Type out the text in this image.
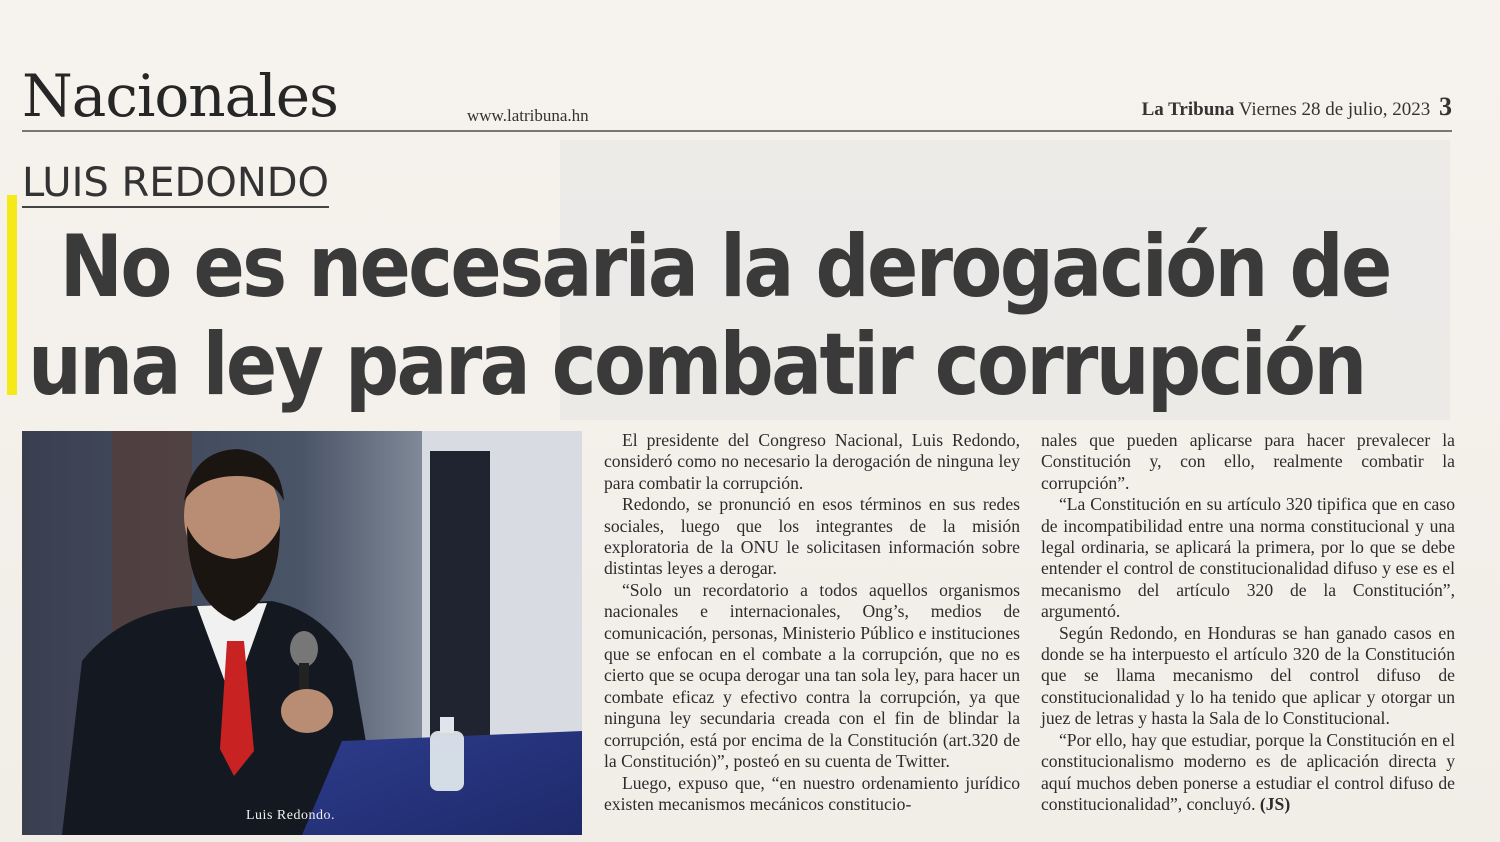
Nacionales	www.latribuna.hn	La Tribuna Viernes 28 de julio, 2023 3
LUIS REDONDO
No es necesaria la derogación de
una ley para combatir corrupción
Luis Redondo.

El presidente del Congreso Nacional, Luis Redondo, consideró como no necesario la derogación de ninguna ley para combatir la corrupción.

Redondo, se pronunció en esos términos en sus redes sociales, luego que los integrantes de la misión exploratoria de la ONU le solicitasen información sobre distintas leyes a derogar.

“Solo un recordatorio a todos aquellos organismos nacionales e internacionales, Ong’s, medios de comunicación, personas, Ministerio Público e instituciones que se enfocan en el combate a la corrupción, que no es cierto que se ocupa derogar una tan sola ley, para hacer un combate eficaz y efectivo contra la corrupción, ya que ninguna ley secundaria creada con el fin de blindar la corrupción, está por encima de la Constitución (art.320 de la Constitución)”, posteó en su cuenta de Twitter.

Luego, expuso que, “en nuestro ordenamiento jurídico existen mecanismos mecánicos constitucio-

nales que pueden aplicarse para hacer prevalecer la Constitución y, con ello, realmente combatir la corrupción”.

“La Constitución en su artículo 320 tipifica que en caso de incompatibilidad entre una norma constitucional y una legal ordinaria, se aplicará la primera, por lo que se debe entender el control de constitucionalidad difuso y ese es el mecanismo del artículo 320 de la Constitución”, argumentó.

Según Redondo, en Honduras se han ganado casos en donde se ha interpuesto el artículo 320 de la Constitución que se llama mecanismo del control difuso de constitucionalidad y lo ha tenido que aplicar y otorgar un juez de letras y hasta la Sala de lo Constitucional.

“Por ello, hay que estudiar, porque la Constitución en el constitucionalismo moderno es de aplicación directa y aquí muchos deben ponerse a estudiar el control difuso de constitucionalidad”, concluyó. (JS)
